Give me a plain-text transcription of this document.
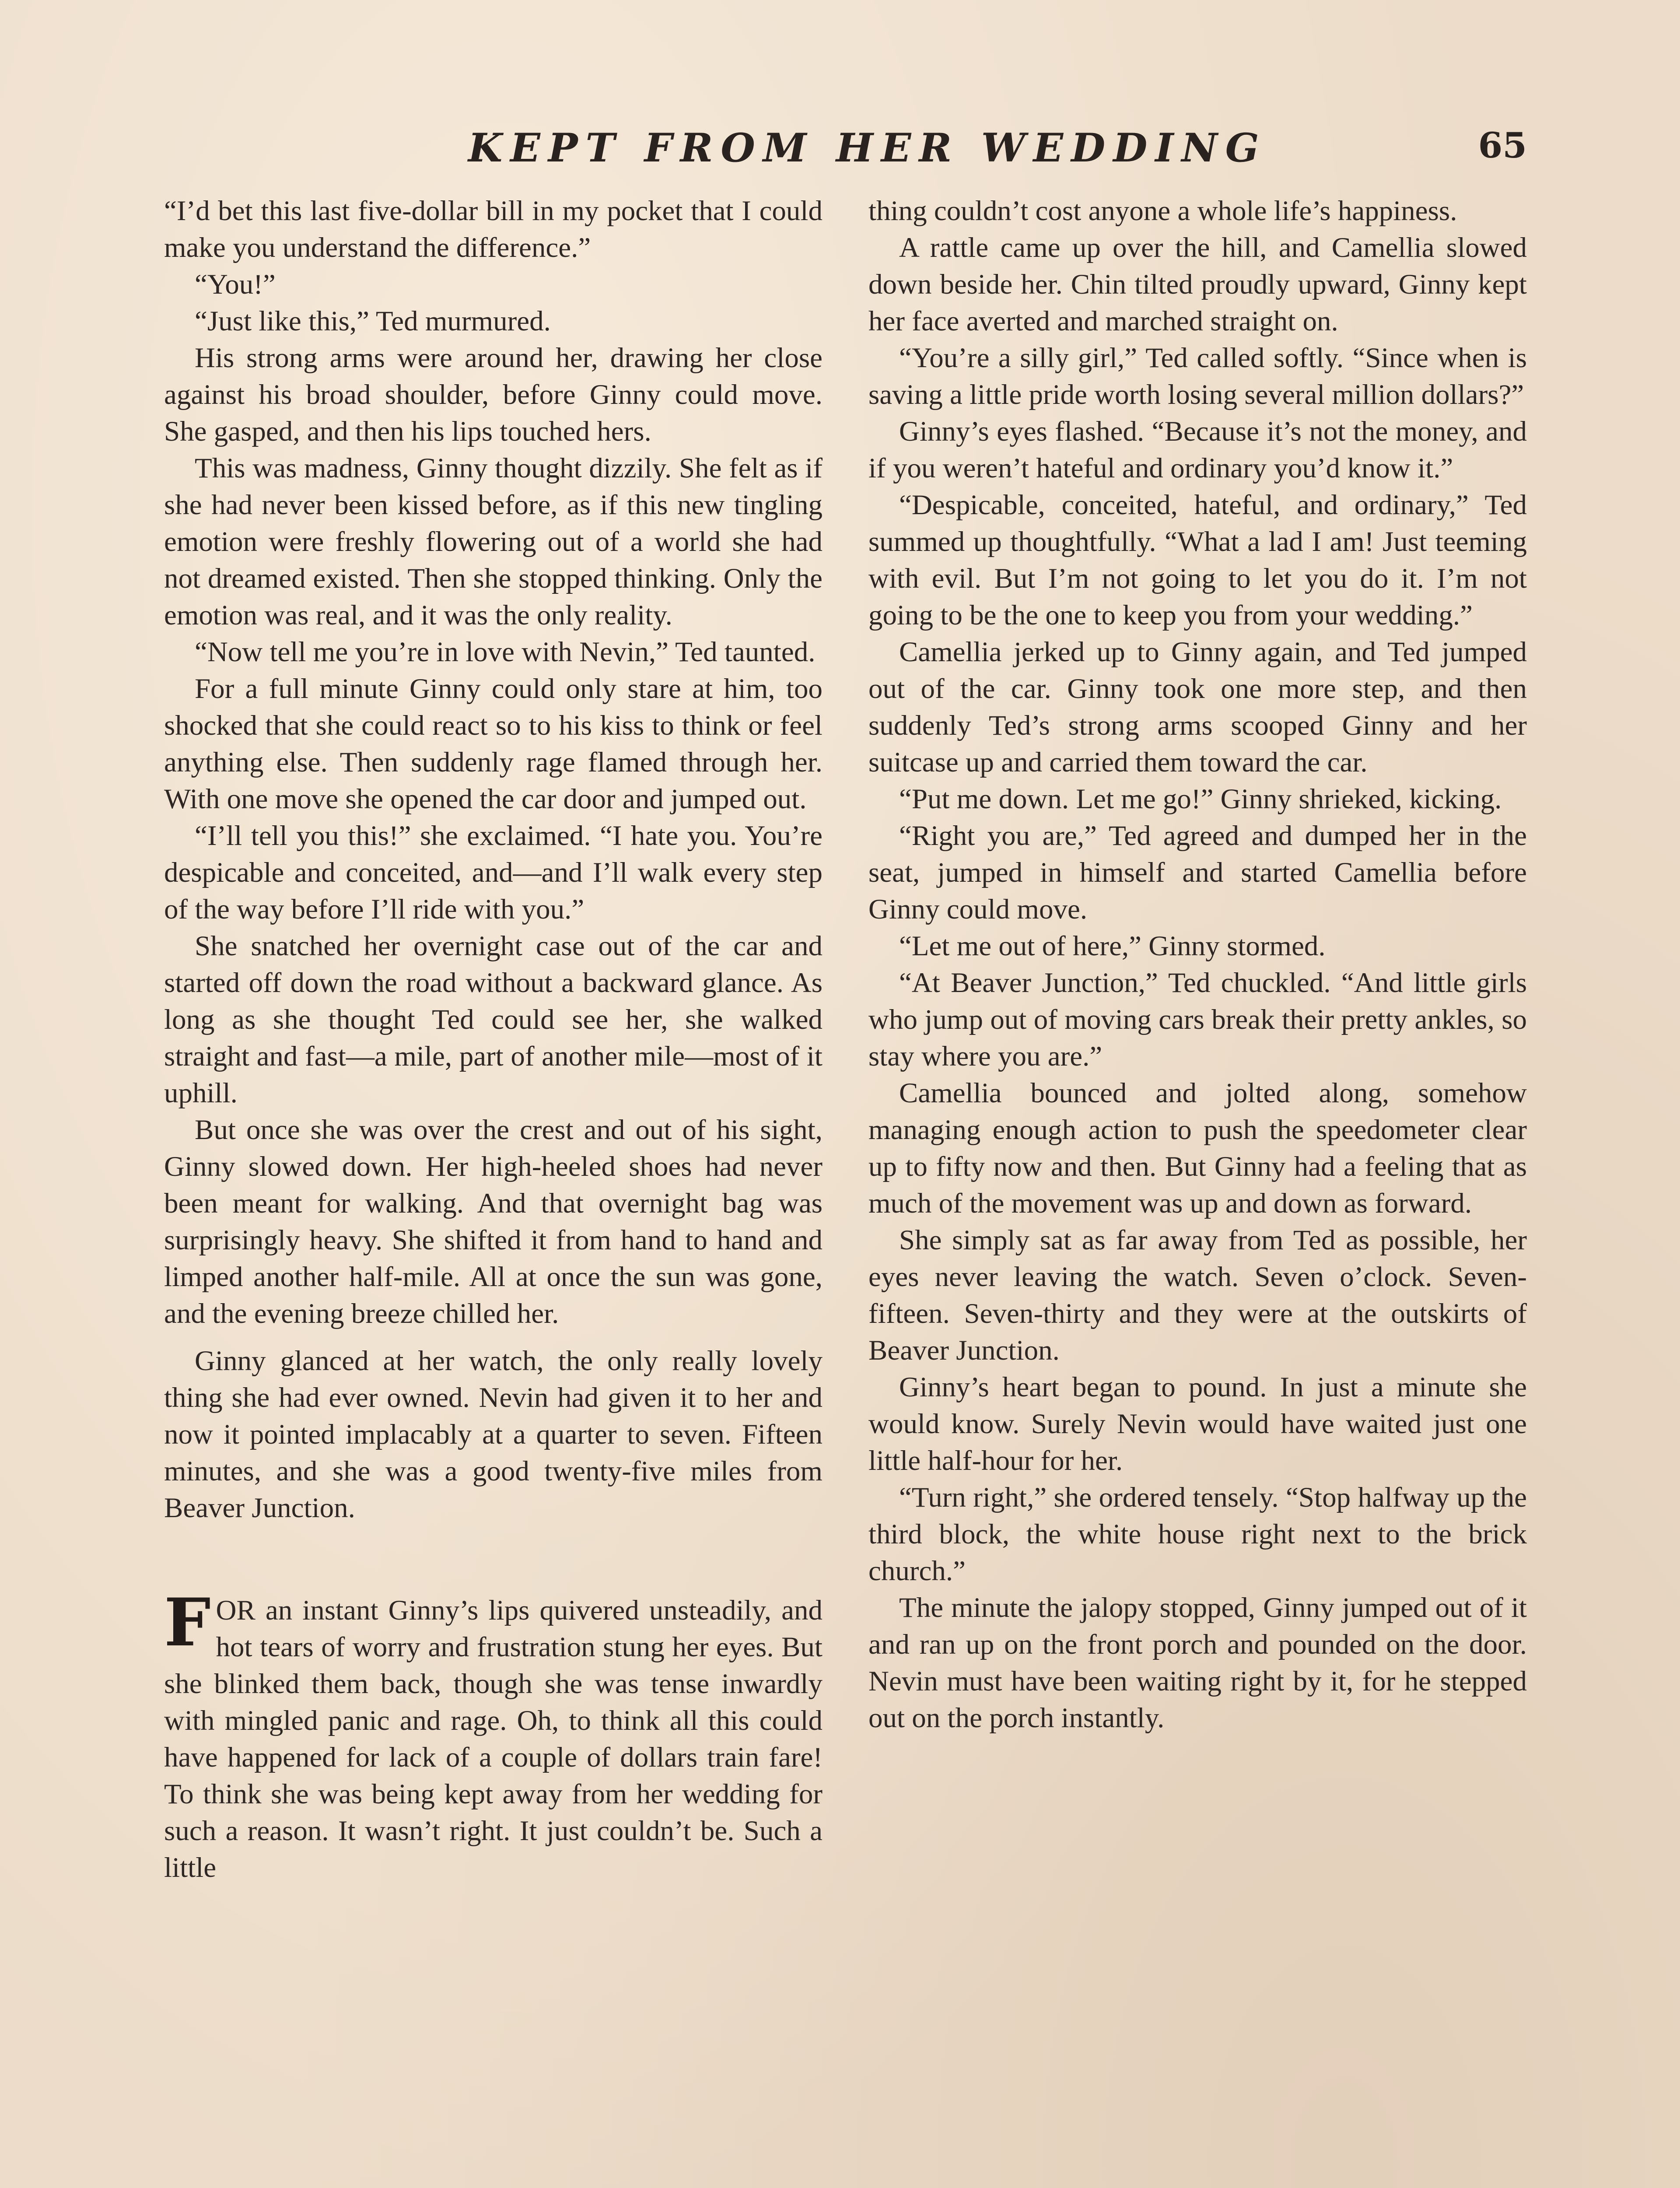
KEPT FROM HER WEDDING	65

“I’d bet this last five-dollar bill in my pocket that I could make you understand the difference.”

“You!”

“Just like this,” Ted murmured.

His strong arms were around her, drawing her close against his broad shoulder, before Ginny could move. She gasped, and then his lips touched hers.

This was madness, Ginny thought dizzily. She felt as if she had never been kissed before, as if this new tingling emotion were freshly flowering out of a world she had not dreamed existed. Then she stopped thinking. Only the emotion was real, and it was the only reality.

“Now tell me you’re in love with Nevin,” Ted taunted.

For a full minute Ginny could only stare at him, too shocked that she could react so to his kiss to think or feel anything else. Then suddenly rage flamed through her. With one move she opened the car door and jumped out.

“I’ll tell you this!” she exclaimed. “I hate you. You’re despicable and conceited, and—and I’ll walk every step of the way before I’ll ride with you.”

She snatched her overnight case out of the car and started off down the road without a backward glance. As long as she thought Ted could see her, she walked straight and fast—a mile, part of another mile—most of it uphill.

But once she was over the crest and out of his sight, Ginny slowed down. Her high-heeled shoes had never been meant for walking. And that overnight bag was surprisingly heavy. She shifted it from hand to hand and limped another half-mile. All at once the sun was gone, and the evening breeze chilled her.

Ginny glanced at her watch, the only really lovely thing she had ever owned. Nevin had given it to her and now it pointed implacably at a quarter to seven. Fifteen minutes, and she was a good twenty-five miles from Beaver Junction.

FOR an instant Ginny’s lips quivered unsteadily, and hot tears of worry and frustration stung her eyes. But she blinked them back, though she was tense inwardly with mingled panic and rage. Oh, to think all this could have happened for lack of a couple of dollars train fare! To think she was being kept away from her wedding for such a reason. It wasn’t right. It just couldn’t be. Such a little

thing couldn’t cost anyone a whole life’s happiness.

A rattle came up over the hill, and Camellia slowed down beside her. Chin tilted proudly upward, Ginny kept her face averted and marched straight on.

“You’re a silly girl,” Ted called softly. “Since when is saving a little pride worth losing several million dollars?”

Ginny’s eyes flashed. “Because it’s not the money, and if you weren’t hateful and ordinary you’d know it.”

“Despicable, conceited, hateful, and ordinary,” Ted summed up thoughtfully. “What a lad I am! Just teeming with evil. But I’m not going to let you do it. I’m not going to be the one to keep you from your wedding.”

Camellia jerked up to Ginny again, and Ted jumped out of the car. Ginny took one more step, and then suddenly Ted’s strong arms scooped Ginny and her suitcase up and carried them toward the car.

“Put me down. Let me go!” Ginny shrieked, kicking.

“Right you are,” Ted agreed and dumped her in the seat, jumped in himself and started Camellia before Ginny could move.

“Let me out of here,” Ginny stormed.

“At Beaver Junction,” Ted chuckled. “And little girls who jump out of moving cars break their pretty ankles, so stay where you are.”

Camellia bounced and jolted along, somehow managing enough action to push the speedometer clear up to fifty now and then. But Ginny had a feeling that as much of the movement was up and down as forward.

She simply sat as far away from Ted as possible, her eyes never leaving the watch. Seven o’clock. Seven-fifteen. Seven-thirty and they were at the outskirts of Beaver Junction.

Ginny’s heart began to pound. In just a minute she would know. Surely Nevin would have waited just one little half-hour for her.

“Turn right,” she ordered tensely. “Stop halfway up the third block, the white house right next to the brick church.”

The minute the jalopy stopped, Ginny jumped out of it and ran up on the front porch and pounded on the door. Nevin must have been waiting right by it, for he stepped out on the porch instantly.
